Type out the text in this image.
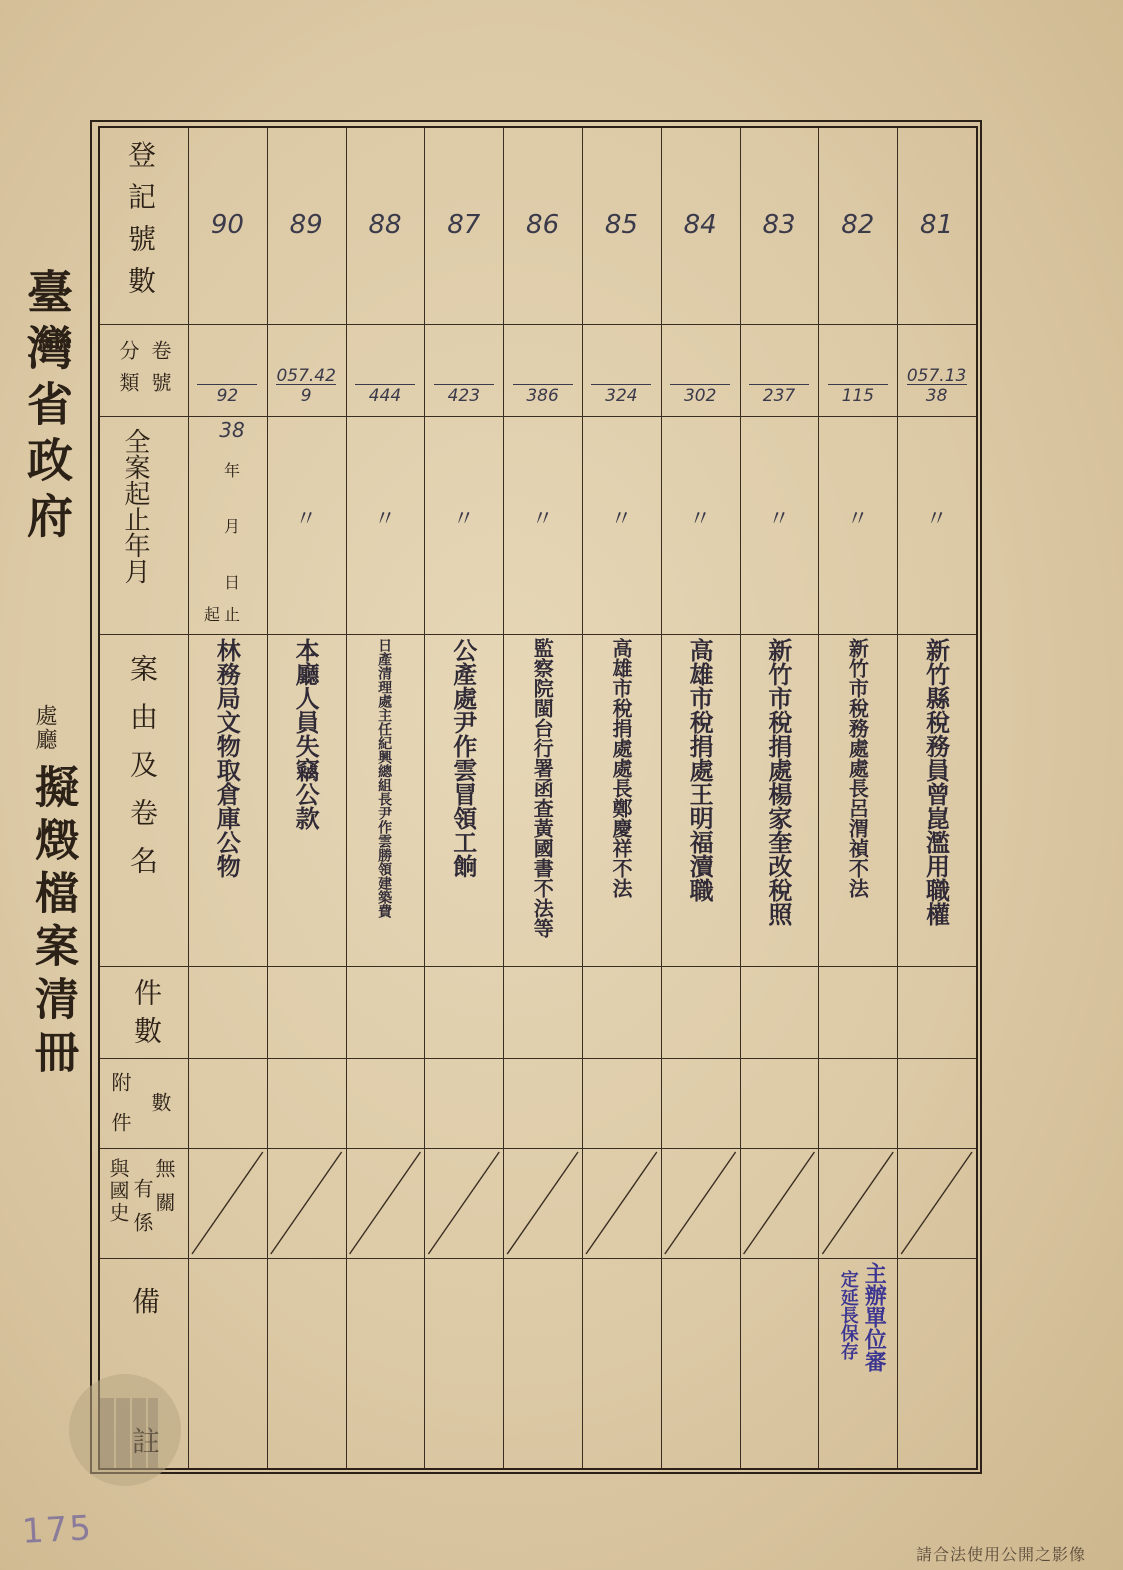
臺灣省政府
處廳
擬燬檔案清冊
登記號數
分類 卷號
全案起止年月
案由及卷名
件數
附件 數
無關
有係
與國史
備
38
年
月
日
起止
90
92
林務局文物取倉庫公物
89
057.42
9
〃
本廳人員失竊公款
88
444
〃
日產清理處主任紀興總組長尹作雲勝領建築費
87
423
〃
公產處尹作雲冒領工餉
86
386
〃
監察院閩台行署函查黃國書不法等
85
324
〃
高雄市稅捐處處長鄭慶祥不法
84
302
〃
高雄市稅捐處王明福瀆職
83
237
〃
新竹市稅捐處楊家奎改稅照
82
115
〃
新竹市稅務處處長呂渭禎不法
81
057.13
38
〃
新竹縣稅務員曾崑濫用職權
定延長保存 主辦單位審
175
請合法使用公開之影像
